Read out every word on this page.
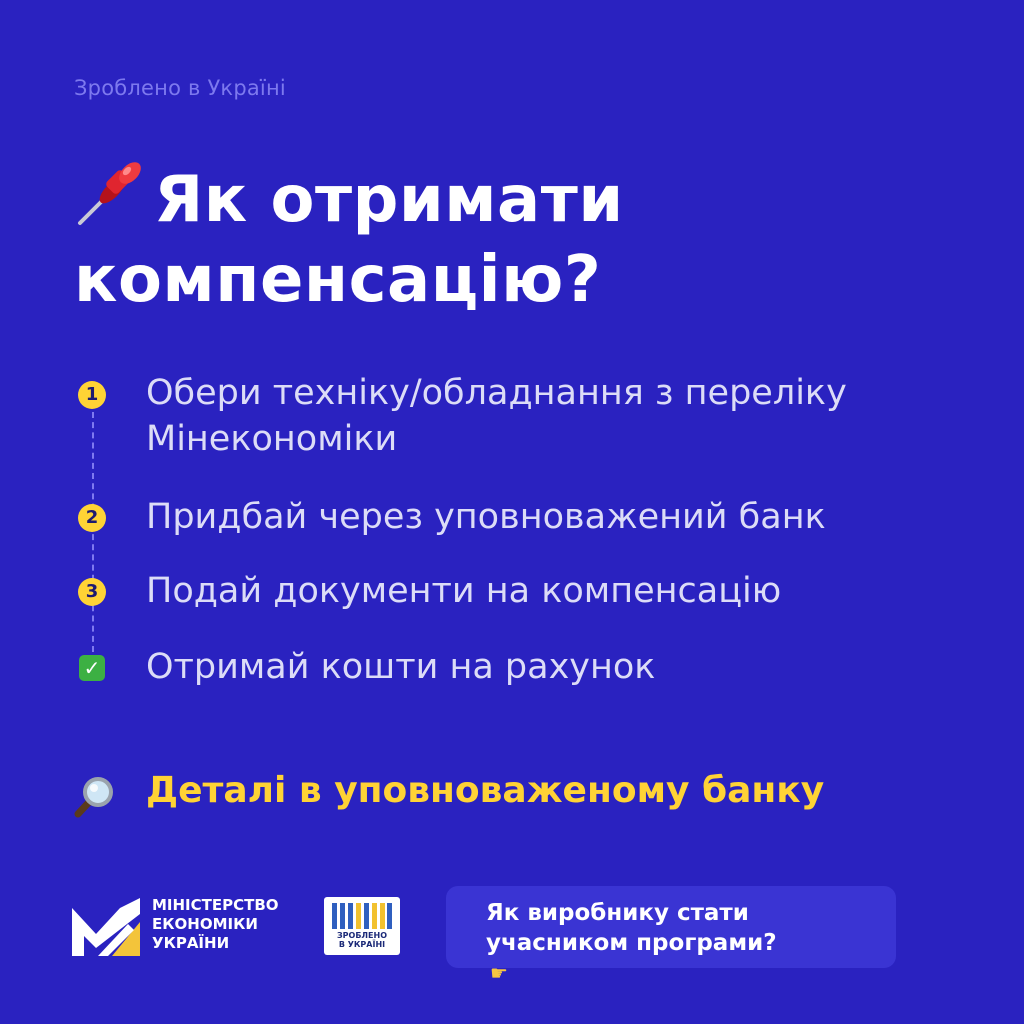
Зроблено в Україні
Як отримати
компенсацію?
1 Обери техніку/обладнання з переліку
Мінекономіки
2 Придбай через уповноважений банк
3 Подай документи на компенсацію
✓ Отримай кошти на рахунок
Деталі в уповноваженому банку
МІНІСТЕРСТВО
ЕКОНОМІКИ
УКРАЇНИ	ЗРОБЛЕНО
В УКРАЇНІ
Як виробнику стати
учасником програми?
☛
